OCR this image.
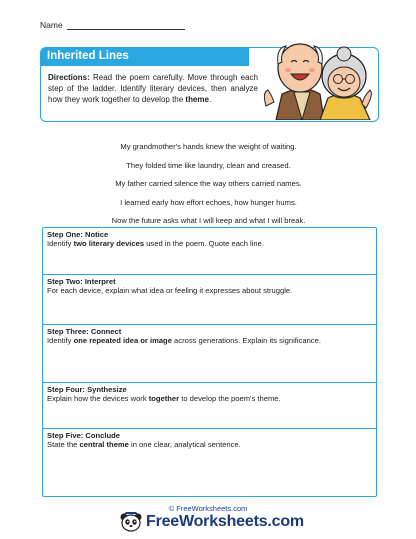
Name
Inherited Lines
Directions: Read the poem carefully. Move through each step of the ladder. Identify literary devices, then analyze how they work together to develop the theme.
My grandmother's hands knew the weight of waiting.
They folded time like laundry, clean and creased.
My father carried silence the way others carried names.
I learned early how effort echoes, how hunger hums.
Now the future asks what I will keep and what I will break.
Step One: Notice
Identify two literary devices used in the poem. Quote each line.
Step Two: Interpret
For each device, explain what idea or feeling it expresses about struggle.
Step Three: Connect
Identify one repeated idea or image across generations. Explain its significance.
Step Four: Synthesize
Explain how the devices work together to develop the poem's theme.
Step Five: Conclude
State the central theme in one clear, analytical sentence.
© FreeWorksheets.com
FreeWorksheets.com
